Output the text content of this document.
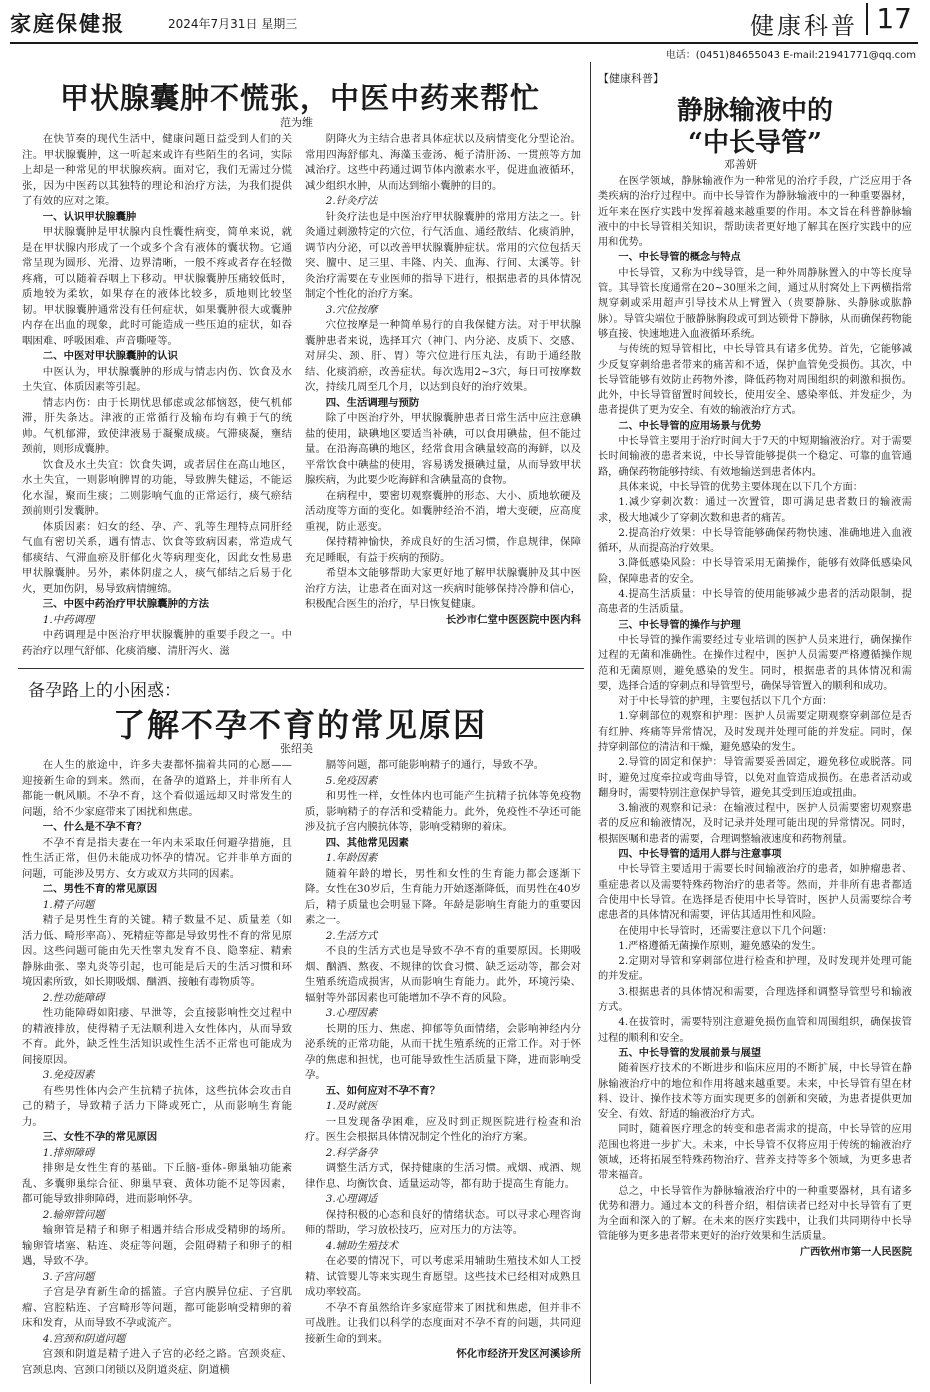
家庭保健报	2024年7月31日 星期三	健康科普 17
电话：(0451)84655043 E-mail:21941771@qq.com
甲状腺囊肿不慌张，中医中药来帮忙
范为维

在快节奏的现代生活中，健康问题日益受到人们的关注。甲状腺囊肿，这一听起来或许有些陌生的名词，实际上却是一种常见的甲状腺疾病。面对它，我们无需过分慌张，因为中医药以其独特的理论和治疗方法，为我们提供了有效的应对之策。

一、认识甲状腺囊肿

甲状腺囊肿是甲状腺内良性囊性病变，简单来说，就是在甲状腺内形成了一个或多个含有液体的囊状物。它通常呈现为圆形、光滑、边界清晰，一般不疼或者存在轻微疼痛，可以随着吞咽上下移动。甲状腺囊肿压痛较低时，质地较为柔软，如果存在的液体比较多，质地则比较坚韧。甲状腺囊肿通常没有任何症状，如果囊肿很大或囊肿内存在出血的现象，此时可能造成一些压迫的症状，如吞咽困难、呼吸困难、声音嘶哑等。

二、中医对甲状腺囊肿的认识

中医认为，甲状腺囊肿的形成与情志内伤、饮食及水土失宜、体质因素等引起。

情志内伤：由于长期忧思郁虑或忿郁恼怒，使气机郁滞，肝失条达。津液的正常循行及输布均有赖于气的统帅。气机郁滞，致使津液易于凝聚成痰。气滞痰凝，壅结颈前，则形成囊肿。

饮食及水土失宜：饮食失调，或者居住在高山地区，水土失宜，一则影响脾胃的功能，导致脾失健运，不能运化水湿，聚而生痰；二则影响气血的正常运行，痰气瘀结颈前则引发囊肿。

体质因素：妇女的经、孕、产、乳等生理特点同肝经气血有密切关系，遇有情志、饮食等致病因素，常造成气郁痰结、气滞血瘀及肝郁化火等病理变化，因此女性易患甲状腺囊肿。另外，素体阴虚之人，痰气郁结之后易于化火，更加伤阴，易导致病情缠绵。

三、中医中药治疗甲状腺囊肿的方法

1.中药调理

中药调理是中医治疗甲状腺囊肿的重要手段之一。中药治疗以理气舒郁、化痰消瘿、清肝泻火、滋

阴降火为主结合患者具体症状以及病情变化分型论治。常用四海舒郁丸、海藻玉壶汤、栀子清肝汤、一贯煎等方加减治疗。这些中药通过调节体内激素水平，促进血液循环，减少组织水肿，从而达到缩小囊肿的目的。

2.针灸疗法

针灸疗法也是中医治疗甲状腺囊肿的常用方法之一。针灸通过刺激特定的穴位，行气活血、通经散结、化痰消肿，调节内分泌，可以改善甲状腺囊肿症状。常用的穴位包括天突、膻中、足三里、丰隆、内关、血海、行间、太溪等。针灸治疗需要在专业医师的指导下进行，根据患者的具体情况制定个性化的治疗方案。

3.穴位按摩

穴位按摩是一种简单易行的自我保健方法。对于甲状腺囊肿患者来说，选择耳穴（神门、内分泌、皮质下、交感、对屏尖、颈、肝、胃）等穴位进行压丸法，有助于通经散结、化痰消瘀，改善症状。每次选用2~3穴，每日可按摩数次，持续几周至几个月，以达到良好的治疗效果。

四、生活调理与预防

除了中医治疗外，甲状腺囊肿患者日常生活中应注意碘盐的使用，缺碘地区要适当补碘，可以食用碘盐，但不能过量。在沿海高碘的地区，经常食用含碘量较高的海鲜，以及平常饮食中碘盐的使用，容易诱发摄碘过量，从而导致甲状腺疾病，为此要少吃海鲜和含碘量高的食物。

在病程中，要密切观察囊肿的形态、大小、质地软硬及活动度等方面的变化。如囊肿经治不消，增大变硬，应高度重视，防止恶变。

保持精神愉快，养成良好的生活习惯，作息规律，保障充足睡眠，有益于疾病的预防。

希望本文能够帮助大家更好地了解甲状腺囊肿及其中医治疗方法，让患者在面对这一疾病时能够保持冷静和信心，积极配合医生的治疗，早日恢复健康。

长沙市仁堂中医医院中医内科

备孕路上的小困惑：
了解不孕不育的常见原因
张绍美

在人生的旅途中，许多夫妻都怀揣着共同的心愿——迎接新生命的到来。然而，在备孕的道路上，并非所有人都能一帆风顺。不孕不育，这个看似遥远却又时常发生的问题，给不少家庭带来了困扰和焦虑。

一、什么是不孕不育？

不孕不育是指夫妻在一年内未采取任何避孕措施，且性生活正常，但仍未能成功怀孕的情况。它并非单方面的问题，可能涉及男方、女方或双方共同的因素。

二、男性不育的常见原因

1.精子问题

精子是男性生育的关键。精子数量不足、质量差（如活力低、畸形率高）、死精症等都是导致男性不育的常见原因。这些问题可能由先天性睾丸发育不良、隐睾症、精索静脉曲张、睾丸炎等引起，也可能是后天的生活习惯和环境因素所致，如长期吸烟、酗酒、接触有毒物质等。

2.性功能障碍

性功能障碍如阳痿、早泄等，会直接影响性交过程中的精液排放，使得精子无法顺利进入女性体内，从而导致不育。此外，缺乏性生活知识或性生活不正常也可能成为间接原因。

3.免疫因素

有些男性体内会产生抗精子抗体，这些抗体会攻击自己的精子，导致精子活力下降或死亡，从而影响生育能力。

三、女性不孕的常见原因

1.排卵障碍

排卵是女性生育的基础。下丘脑-垂体-卵巢轴功能紊乱、多囊卵巢综合征、卵巢早衰、黄体功能不足等因素，都可能导致排卵障碍，进而影响怀孕。

2.输卵管问题

输卵管是精子和卵子相遇并结合形成受精卵的场所。输卵管堵塞、粘连、炎症等问题，会阻碍精子和卵子的相遇，导致不孕。

3.子宫问题

子宫是孕育新生命的摇篮。子宫内膜异位症、子宫肌瘤、宫腔粘连、子宫畸形等问题，都可能影响受精卵的着床和发育，从而导致不孕或流产。

4.宫颈和阴道问题

宫颈和阴道是精子进入子宫的必经之路。宫颈炎症、宫颈息肉、宫颈口闭锁以及阴道炎症、阴道横

膈等问题，都可能影响精子的通行，导致不孕。

5.免疫因素

和男性一样，女性体内也可能产生抗精子抗体等免疫物质，影响精子的存活和受精能力。此外，免疫性不孕还可能涉及抗子宫内膜抗体等，影响受精卵的着床。

四、其他常见因素

1.年龄因素

随着年龄的增长，男性和女性的生育能力都会逐渐下降。女性在30岁后，生育能力开始逐渐降低，而男性在40岁后，精子质量也会明显下降。年龄是影响生育能力的重要因素之一。

2.生活方式

不良的生活方式也是导致不孕不育的重要原因。长期吸烟、酗酒、熬夜、不规律的饮食习惯、缺乏运动等，都会对生殖系统造成损害，从而影响生育能力。此外，环境污染、辐射等外部因素也可能增加不孕不育的风险。

3.心理因素

长期的压力、焦虑、抑郁等负面情绪，会影响神经内分泌系统的正常功能，从而干扰生殖系统的正常工作。对于怀孕的焦虑和担忧，也可能导致性生活质量下降，进而影响受孕。

五、如何应对不孕不育？

1.及时就医

一旦发现备孕困难，应及时到正规医院进行检查和治疗。医生会根据具体情况制定个性化的治疗方案。

2.科学备孕

调整生活方式，保持健康的生活习惯。戒烟、戒酒、规律作息、均衡饮食、适量运动等，都有助于提高生育能力。

3.心理调适

保持积极的心态和良好的情绪状态。可以寻求心理咨询师的帮助，学习放松技巧，应对压力的方法等。

4.辅助生殖技术

在必要的情况下，可以考虑采用辅助生殖技术如人工授精、试管婴儿等来实现生育愿望。这些技术已经相对成熟且成功率较高。

不孕不育虽然给许多家庭带来了困扰和焦虑，但并非不可战胜。让我们以科学的态度面对不孕不育的问题，共同迎接新生命的到来。

怀化市经济开发区河溪诊所

【健康科普】
静脉输液中的
“中长导管”
邓善妍

在医学领域，静脉输液作为一种常见的治疗手段，广泛应用于各类疾病的治疗过程中。而中长导管作为静脉输液中的一种重要器材，近年来在医疗实践中发挥着越来越重要的作用。本文旨在科普静脉输液中的中长导管相关知识，帮助读者更好地了解其在医疗实践中的应用和优势。

一、中长导管的概念与特点

中长导管，又称为中线导管，是一种外周静脉置入的中等长度导管。其导管长度通常在20~30厘米之间，通过从肘窝处上下两横指常规穿刺或采用超声引导技术从上臂置入（贵要静脉、头静脉或肱静脉）。导管尖端位于腋静脉胸段或可到达锁骨下静脉，从而确保药物能够直接、快速地进入血液循环系统。

与传统的短导管相比，中长导管具有诸多优势。首先，它能够减少反复穿刺给患者带来的痛苦和不适，保护血管免受损伤。其次，中长导管能够有效防止药物外渗，降低药物对周围组织的刺激和损伤。此外，中长导管留置时间较长，使用安全、感染率低、并发症少，为患者提供了更为安全、有效的输液治疗方式。

二、中长导管的应用场景与优势

中长导管主要用于治疗时间大于7天的中短期输液治疗。对于需要长时间输液的患者来说，中长导管能够提供一个稳定、可靠的血管通路，确保药物能够持续、有效地输送到患者体内。

具体来说，中长导管的优势主要体现在以下几个方面：

1.减少穿刺次数：通过一次置管，即可满足患者数日的输液需求，极大地减少了穿刺次数和患者的痛苦。

2.提高治疗效果：中长导管能够确保药物快速、准确地进入血液循环，从而提高治疗效果。

3.降低感染风险：中长导管采用无菌操作，能够有效降低感染风险，保障患者的安全。

4.提高生活质量：中长导管的使用能够减少患者的活动限制，提高患者的生活质量。

三、中长导管的操作与护理

中长导管的操作需要经过专业培训的医护人员来进行，确保操作过程的无菌和准确性。在操作过程中，医护人员需要严格遵循操作规范和无菌原则，避免感染的发生。同时，根据患者的具体情况和需要，选择合适的穿刺点和导管型号，确保导管置入的顺利和成功。

对于中长导管的护理，主要包括以下几个方面：

1.穿刺部位的观察和护理：医护人员需要定期观察穿刺部位是否有红肿、疼痛等异常情况，及时发现并处理可能的并发症。同时，保持穿刺部位的清洁和干燥，避免感染的发生。

2.导管的固定和保护：导管需要妥善固定，避免移位或脱落。同时，避免过度牵拉或弯曲导管，以免对血管造成损伤。在患者活动或翻身时，需要特别注意保护导管，避免其受到压迫或扭曲。

3.输液的观察和记录：在输液过程中，医护人员需要密切观察患者的反应和输液情况，及时记录并处理可能出现的异常情况。同时，根据医嘱和患者的需要，合理调整输液速度和药物剂量。

四、中长导管的适用人群与注意事项

中长导管主要适用于需要长时间输液治疗的患者，如肿瘤患者、重症患者以及需要特殊药物治疗的患者等。然而，并非所有患者都适合使用中长导管。在选择是否使用中长导管时，医护人员需要综合考虑患者的具体情况和需要，评估其适用性和风险。

在使用中长导管时，还需要注意以下几个问题：

1.严格遵循无菌操作原则，避免感染的发生。

2.定期对导管和穿刺部位进行检查和护理，及时发现并处理可能的并发症。

3.根据患者的具体情况和需要，合理选择和调整导管型号和输液方式。

4.在拔管时，需要特别注意避免损伤血管和周围组织，确保拔管过程的顺利和安全。

五、中长导管的发展前景与展望

随着医疗技术的不断进步和临床应用的不断扩展，中长导管在静脉输液治疗中的地位和作用将越来越重要。未来，中长导管有望在材料、设计、操作技术等方面实现更多的创新和突破，为患者提供更加安全、有效、舒适的输液治疗方式。

同时，随着医疗理念的转变和患者需求的提高，中长导管的应用范围也将进一步扩大。未来，中长导管不仅将应用于传统的输液治疗领域，还将拓展至特殊药物治疗、营养支持等多个领域，为更多患者带来福音。

总之，中长导管作为静脉输液治疗中的一种重要器材，具有诸多优势和潜力。通过本文的科普介绍，相信读者已经对中长导管有了更为全面和深入的了解。在未来的医疗实践中，让我们共同期待中长导管能够为更多患者带来更好的治疗效果和生活质量。

广西钦州市第一人民医院
